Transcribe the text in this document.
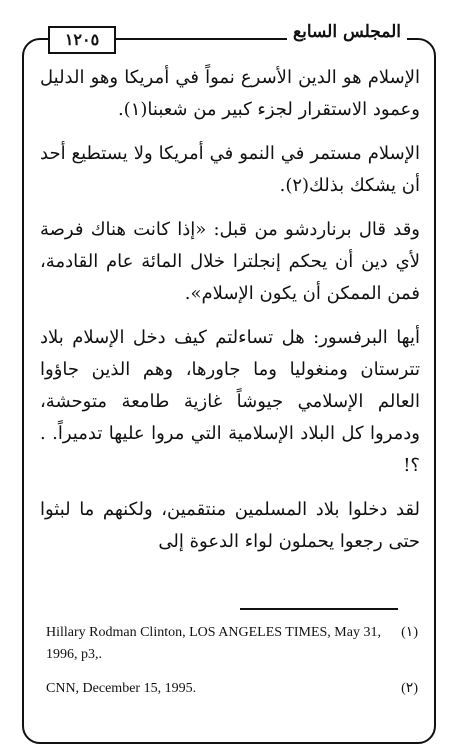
المجلس السابع
١٢٠٥

الإسلام هو الدين الأسرع نمواً في أمريكا وهو الدليل وعمود الاستقرار لجزء كبير من شعبنا(١).

الإسلام مستمر في النمو في أمريكا ولا يستطيع أحد أن يشكك بذلك(٢).

وقد قال برناردشو من قبل: «إذا كانت هناك فرصة لأي دين أن يحكم إنجلترا خلال المائة عام القادمة، فمن الممكن أن يكون الإسلام».

أيها البرفسور: هل تساءلتم كيف دخل الإسلام بلاد تترستان ومنغوليا وما جاورها، وهم الذين جاؤوا العالم الإسلامي جيوشاً غازية طامعة متوحشة، ودمروا كل البلاد الإسلامية التي مروا عليها تدميراً. . ؟!

لقد دخلوا بلاد المسلمين منتقمين، ولكنهم ما لبثوا حتى رجعوا يحملون لواء الدعوة إلى

(١)
Hillary Rodman Clinton, LOS ANGELES TIMES, May 31, 1996, p3,.
(٢)
CNN, December 15, 1995.
